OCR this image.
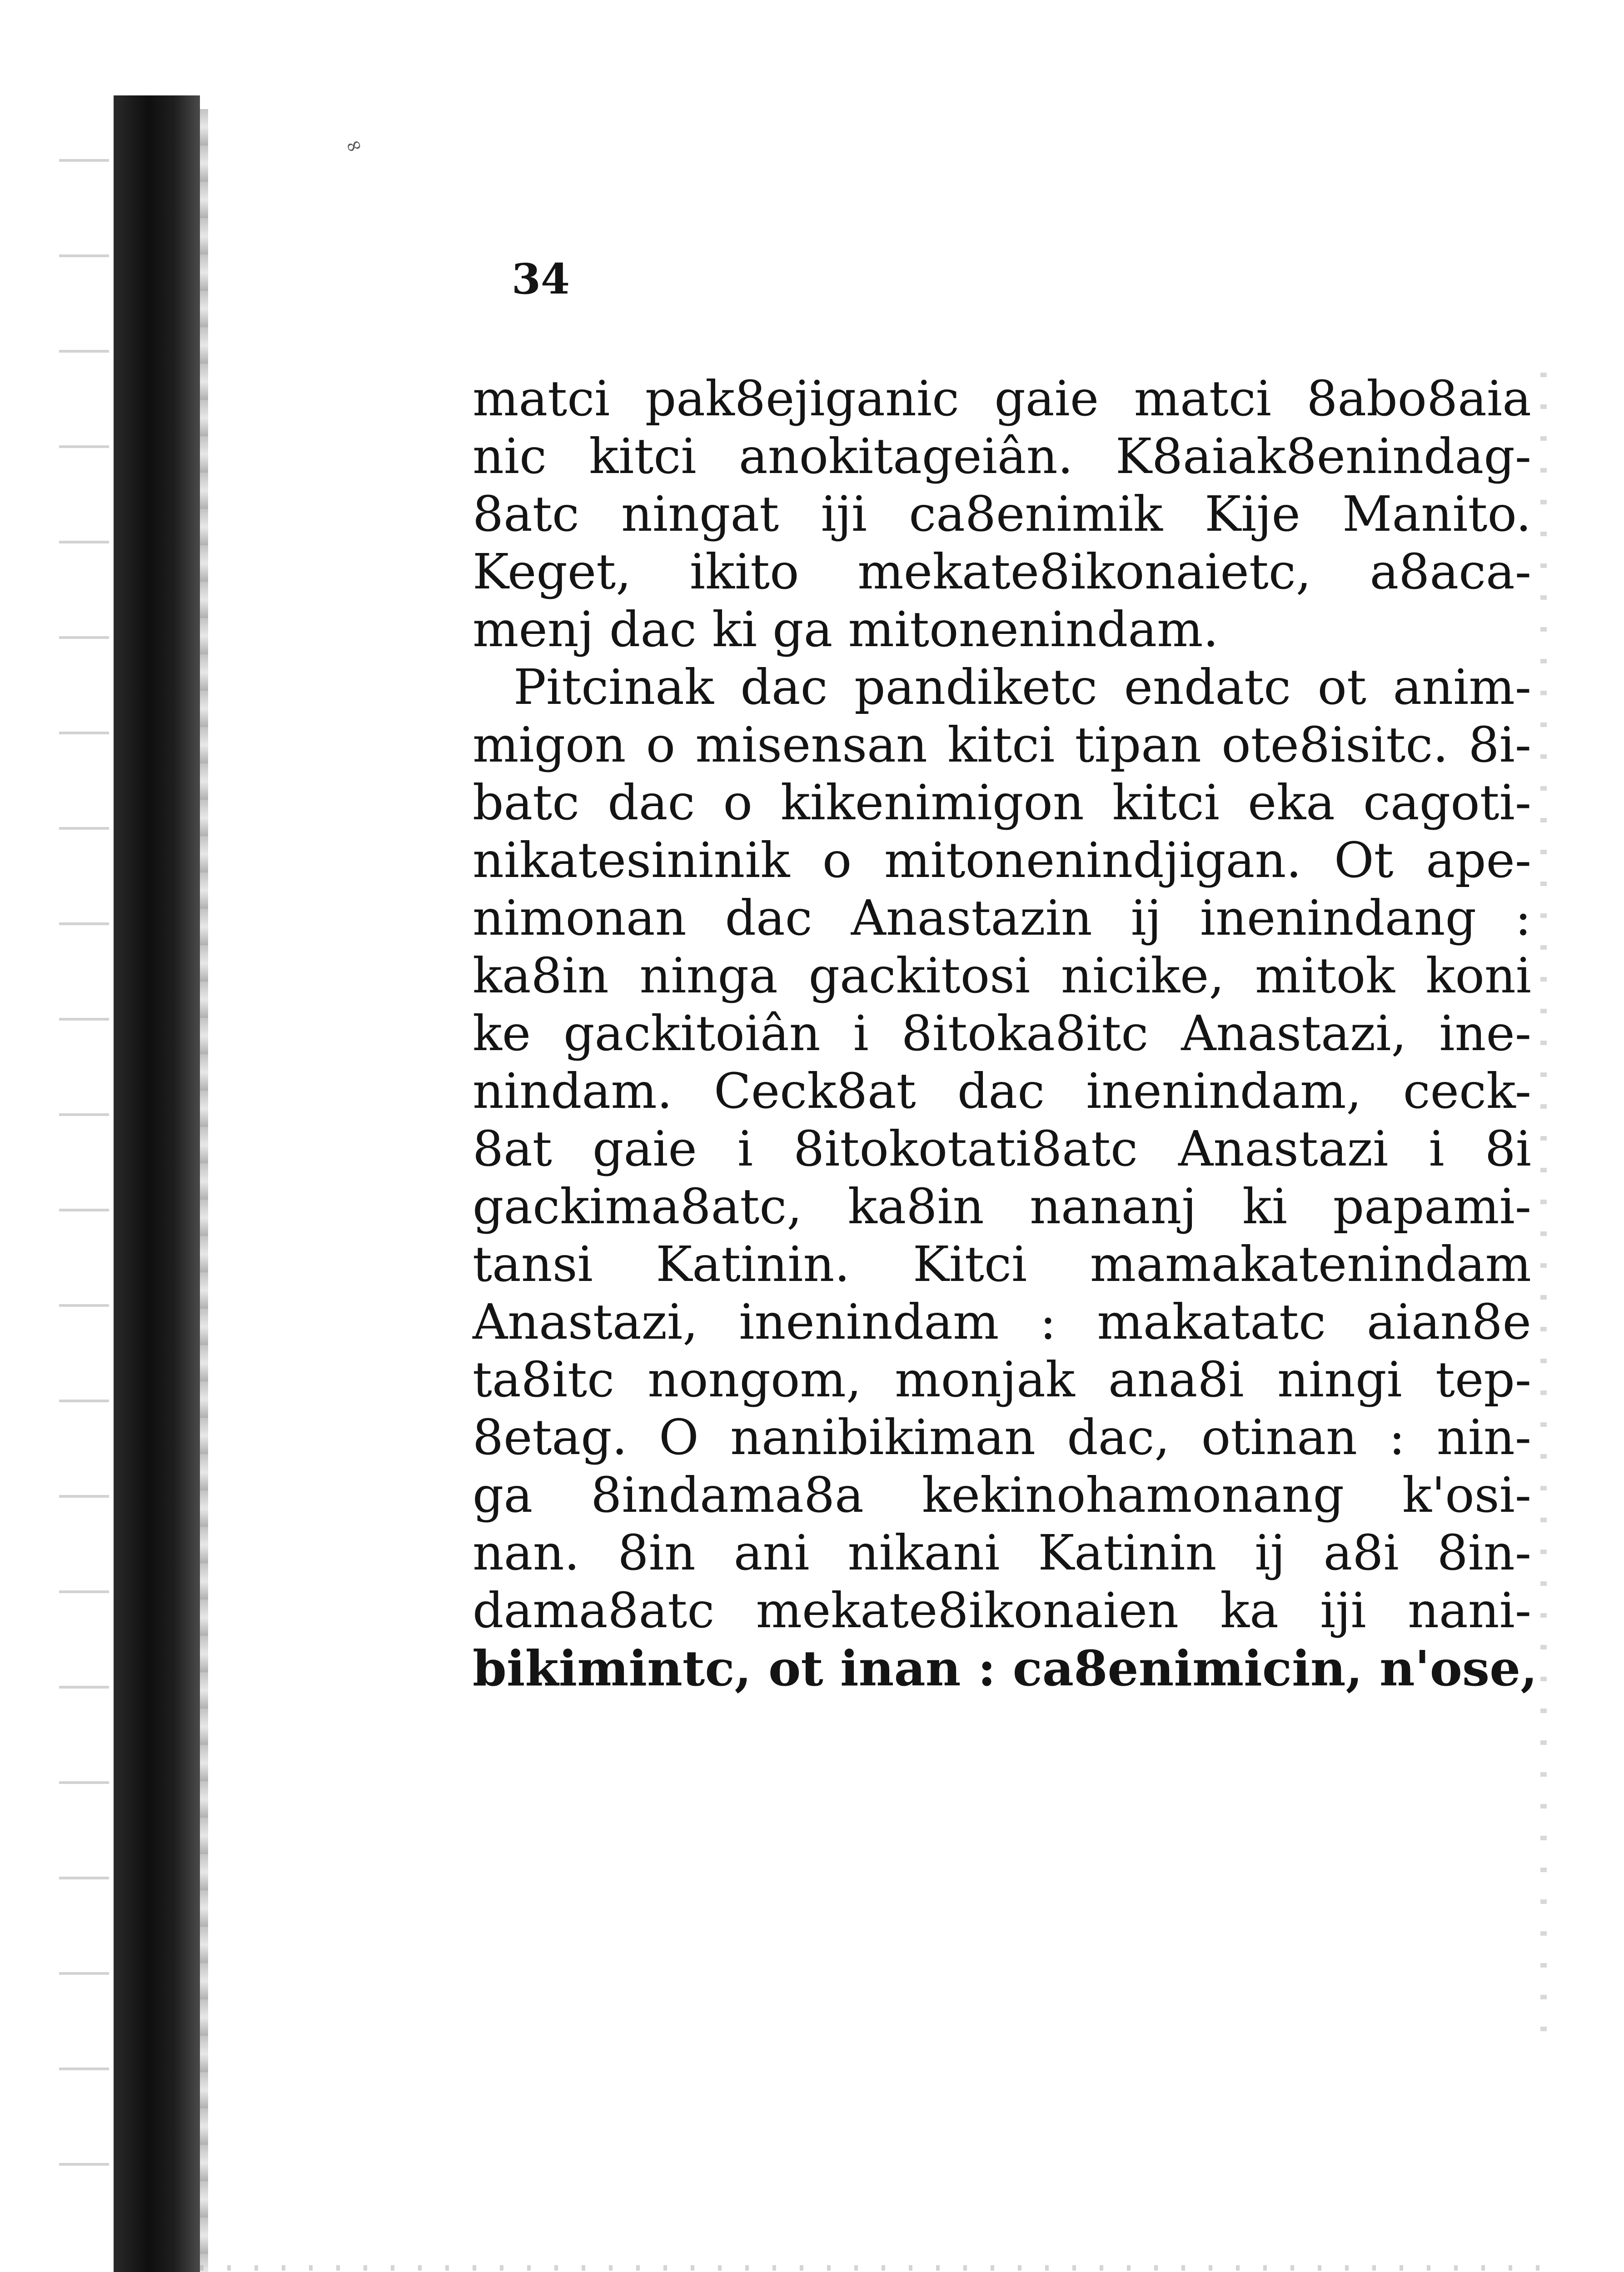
∞
34
matci pak8ejiganic gaie matci 8abo8aia
nic kitci anokitageiân. K8aiak8enindag-
8atc ningat iji ca8enimik Kije Manito.
Keget, ikito mekate8ikonaietc, a8aca-
menj dac ki ga mitonenindam.
Pitcinak dac pandiketc endatc ot anim-
migon o misensan kitci tipan ote8isitc. 8i-
batc dac o kikenimigon kitci eka cagoti-
nikatesininik o mitonenindjigan. Ot ape-
nimonan dac Anastazin ij inenindang :
ka8in ninga gackitosi nicike, mitok koni
ke gackitoiân i 8itoka8itc Anastazi, ine-
nindam. Ceck8at dac inenindam, ceck-
8at gaie i 8itokotati8atc Anastazi i 8i
gackima8atc, ka8in nananj ki papami-
tansi Katinin. Kitci mamakatenindam
Anastazi, inenindam : makatatc aian8e
ta8itc nongom, monjak ana8i ningi tep-
8etag. O nanibikiman dac, otinan : nin-
ga 8indama8a kekinohamonang k'osi-
nan. 8in ani nikani Katinin ij a8i 8in-
dama8atc mekate8ikonaien ka iji nani-
bikimintc, ot inan : ca8enimicin, n'ose,
